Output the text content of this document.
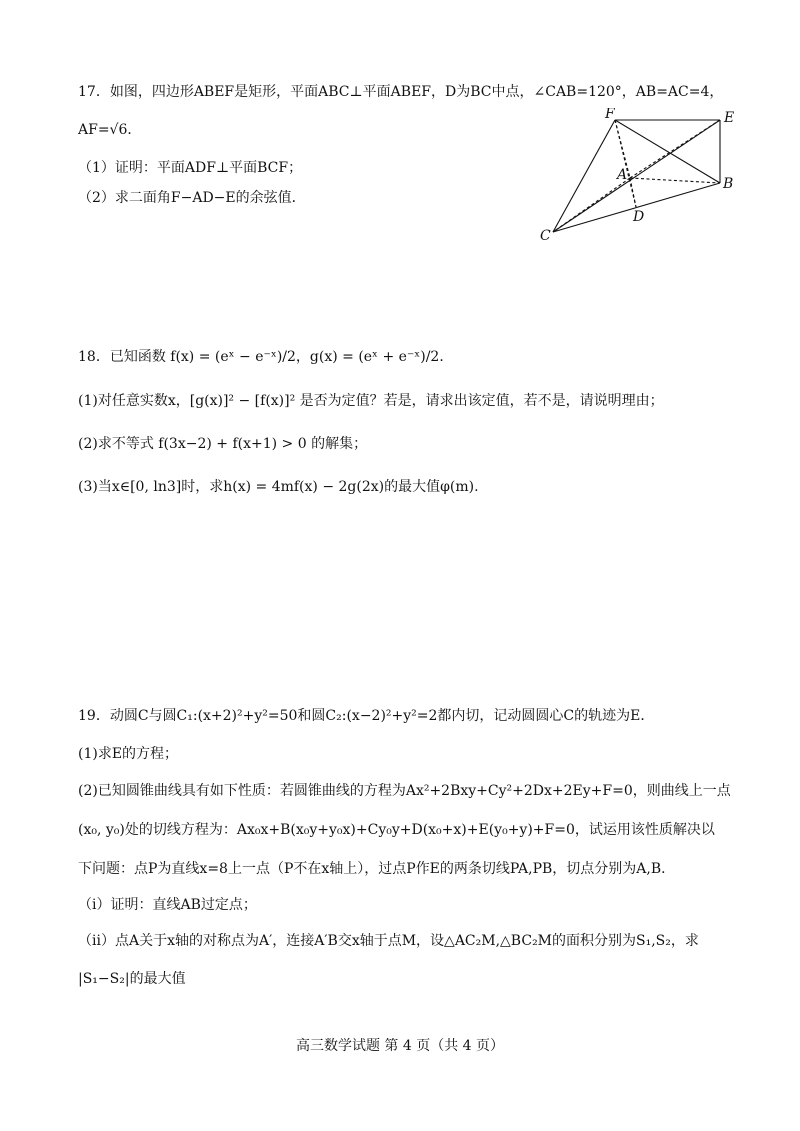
17．如图，四边形ABEF是矩形，平面ABC⊥平面ABEF，D为BC中点，∠CAB=120°，AB=AC=4，
AF=√6．
（1）证明：平面ADF⊥平面BCF；
（2）求二面角F−AD−E的余弦值．
F	E
A
B
D
C
18．已知函数 f(x) = (eˣ − e⁻ˣ)/2，g(x) = (eˣ + e⁻ˣ)/2．
(1)对任意实数x，[g(x)]² − [f(x)]² 是否为定值？若是，请求出该定值，若不是，请说明理由；
(2)求不等式 f(3x−2) + f(x+1) > 0 的解集；
(3)当x∈[0, ln3]时，求h(x) = 4mf(x) − 2g(2x)的最大值φ(m).
19．动圆C与圆C₁:(x+2)²+y²=50和圆C₂:(x−2)²+y²=2都内切，记动圆圆心C的轨迹为E．
(1)求E的方程；
(2)已知圆锥曲线具有如下性质：若圆锥曲线的方程为Ax²+2Bxy+Cy²+2Dx+2Ey+F=0，则曲线上一点
(x₀, y₀)处的切线方程为：Ax₀x+B(x₀y+y₀x)+Cy₀y+D(x₀+x)+E(y₀+y)+F=0，试运用该性质解决以
下问题：点P为直线x=8上一点（P不在x轴上），过点P作E的两条切线PA,PB，切点分别为A,B．
（i）证明：直线AB过定点；
（ii）点A关于x轴的对称点为A′，连接A′B交x轴于点M，设△AC₂M,△BC₂M的面积分别为S₁,S₂，求
|S₁−S₂|的最大值
高三数学试题 第 4 页（共 4 页）
